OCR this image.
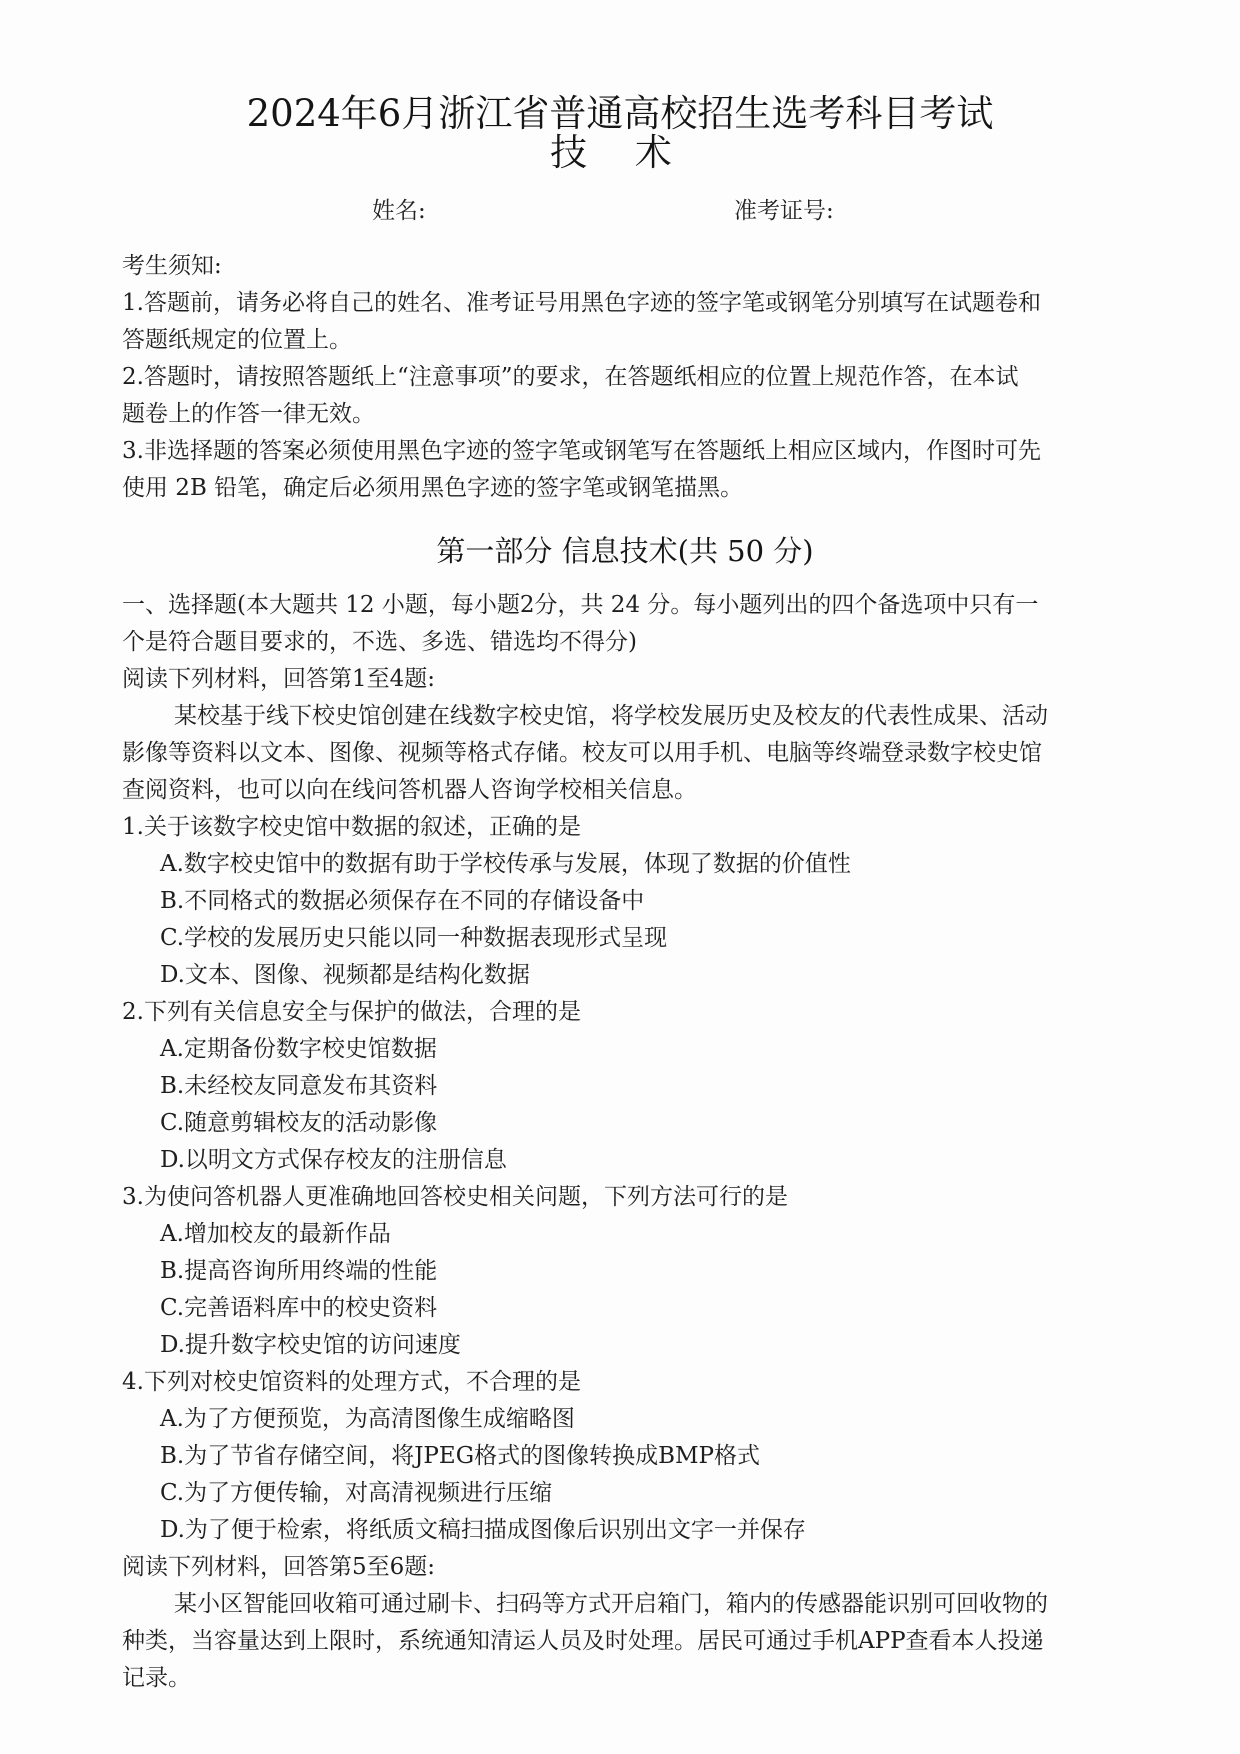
2024年6月浙江省普通高校招生选考科目考试
技 术
姓名:	准考证号:
考生须知:
1.答题前，请务必将自己的姓名、准考证号用黑色字迹的签字笔或钢笔分别填写在试题卷和
答题纸规定的位置上。
2.答题时，请按照答题纸上“注意事项”的要求，在答题纸相应的位置上规范作答，在本试
题卷上的作答一律无效。
3.非选择题的答案必须使用黑色字迹的签字笔或钢笔写在答题纸上相应区域内，作图时可先
使用 2B 铅笔，确定后必须用黑色字迹的签字笔或钢笔描黑。
第一部分 信息技术(共 50 分)
一、选择题(本大题共 12 小题，每小题2分，共 24 分。每小题列出的四个备选项中只有一
个是符合题目要求的，不选、多选、错选均不得分)
阅读下列材料，回答第1至4题:
某校基于线下校史馆创建在线数字校史馆，将学校发展历史及校友的代表性成果、活动
影像等资料以文本、图像、视频等格式存储。校友可以用手机、电脑等终端登录数字校史馆
查阅资料，也可以向在线问答机器人咨询学校相关信息。
1.关于该数字校史馆中数据的叙述，正确的是
A.数字校史馆中的数据有助于学校传承与发展，体现了数据的价值性
B.不同格式的数据必须保存在不同的存储设备中
C.学校的发展历史只能以同一种数据表现形式呈现
D.文本、图像、视频都是结构化数据
2.下列有关信息安全与保护的做法，合理的是
A.定期备份数字校史馆数据
B.未经校友同意发布其资料
C.随意剪辑校友的活动影像
D.以明文方式保存校友的注册信息
3.为使问答机器人更准确地回答校史相关问题，下列方法可行的是
A.增加校友的最新作品
B.提高咨询所用终端的性能
C.完善语料库中的校史资料
D.提升数字校史馆的访问速度
4.下列对校史馆资料的处理方式，不合理的是
A.为了方便预览，为高清图像生成缩略图
B.为了节省存储空间，将JPEG格式的图像转换成BMP格式
C.为了方便传输，对高清视频进行压缩
D.为了便于检索，将纸质文稿扫描成图像后识别出文字一并保存
阅读下列材料，回答第5至6题:
某小区智能回收箱可通过刷卡、扫码等方式开启箱门，箱内的传感器能识别可回收物的
种类，当容量达到上限时，系统通知清运人员及时处理。居民可通过手机APP查看本人投递
记录。
